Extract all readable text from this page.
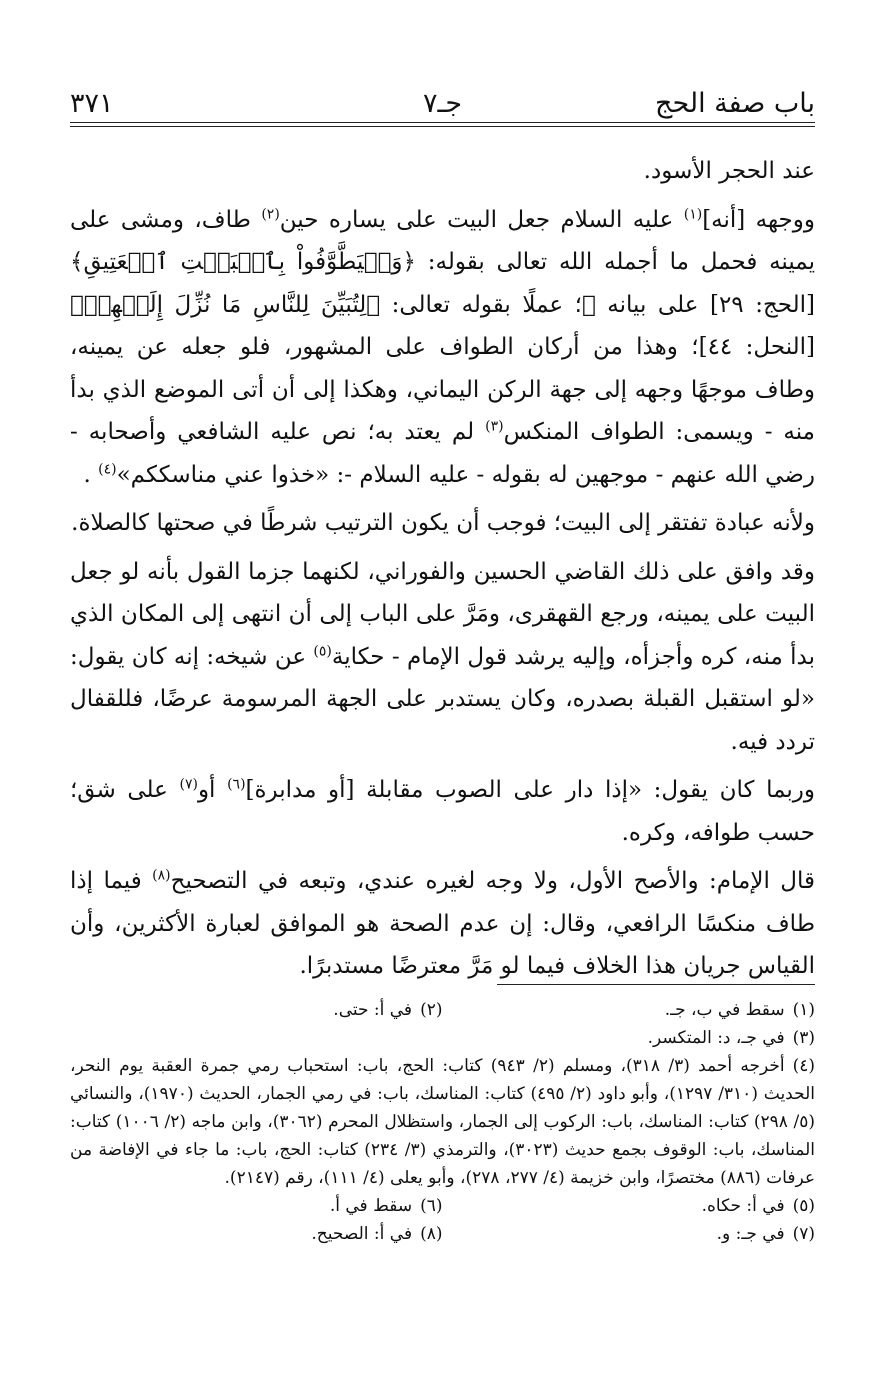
باب صفة الحج
جـ٧
٣٧١

عند الحجر الأسود.

ووجهه [أنه]$^{(١)}$ عليه السلام جعل البيت على يساره حين$^{(٢)}$ طاف، ومشى على يمينه فحمل ما أجمله الله تعالى بقوله: ﴿وَلۡيَطَّوَّفُواْ بِٱلۡبَيۡتِ ٱلۡعَتِيقِ﴾ [الحج: ٢٩] على بيانه ﷺ؛ عملًا بقوله تعالى: ﴿لِتُبَيِّنَ لِلنَّاسِ مَا نُزِّلَ إِلَيۡهِمۡ﴾ [النحل: ٤٤]؛ وهذا من أركان الطواف على المشهور، فلو جعله عن يمينه، وطاف موجهًا وجهه إلى جهة الركن اليماني، وهكذا إلى أن أتى الموضع الذي بدأ منه - ويسمى: الطواف المنكس$^{(٣)}$ لم يعتد به؛ نص عليه الشافعي وأصحابه - رضي الله عنهم - موجهين له بقوله - عليه السلام -: «خذوا عني مناسككم»$^{(٤)}$ .

ولأنه عبادة تفتقر إلى البيت؛ فوجب أن يكون الترتيب شرطًا في صحتها كالصلاة.

وقد وافق على ذلك القاضي الحسين والفوراني، لكنهما جزما القول بأنه لو جعل البيت على يمينه، ورجع القهقرى، ومَرَّ على الباب إلى أن انتهى إلى المكان الذي بدأ منه، كره وأجزأه، وإليه يرشد قول الإمام - حكاية$^{(٥)}$ عن شيخه: إنه كان يقول: «لو استقبل القبلة بصدره، وكان يستدبر على الجهة المرسومة عرضًا، فللقفال تردد فيه.

وربما كان يقول: «إذا دار على الصوب مقابلة [أو مدابرة]$^{(٦)}$ أو$^{(٧)}$ على شق؛ حسب طوافه، وكره.

قال الإمام: والأصح الأول، ولا وجه لغيره عندي، وتبعه في التصحيح$^{(٨)}$ فيما إذا طاف منكسًا الرافعي، وقال: إن عدم الصحة هو الموافق لعبارة الأكثرين، وأن القياس جريان هذا الخلاف فيما لو مَرَّ معترضًا مستدبرًا.

(١)سقط في ب، جـ.
(٢)في أ: حتى.
(٣)في جـ، د: المتكسر.
(٤)أخرجه أحمد (٣/ ٣١٨)، ومسلم (٢/ ٩٤٣) كتاب: الحج، باب: استحباب رمي جمرة العقبة يوم النحر، الحديث (٣١٠/ ١٢٩٧)، وأبو داود (٢/ ٤٩٥) كتاب: المناسك، باب: في رمي الجمار، الحديث (١٩٧٠)، والنسائي (٥/ ٢٩٨) كتاب: المناسك، باب: الركوب إلى الجمار، واستظلال المحرم (٣٠٦٢)، وابن ماجه (٢/ ١٠٠٦) كتاب: المناسك، باب: الوقوف بجمع حديث (٣٠٢٣)، والترمذي (٣/ ٢٣٤) كتاب: الحج، باب: ما جاء في الإفاضة من عرفات (٨٨٦) مختصرًا، وابن خزيمة (٤/ ٢٧٧، ٢٧٨)، وأبو يعلى (٤/ ١١١)، رقم (٢١٤٧).
(٥)في أ: حكاه.
(٦)سقط في أ.
(٧)في جـ: و.
(٨)في أ: الصحيح.
